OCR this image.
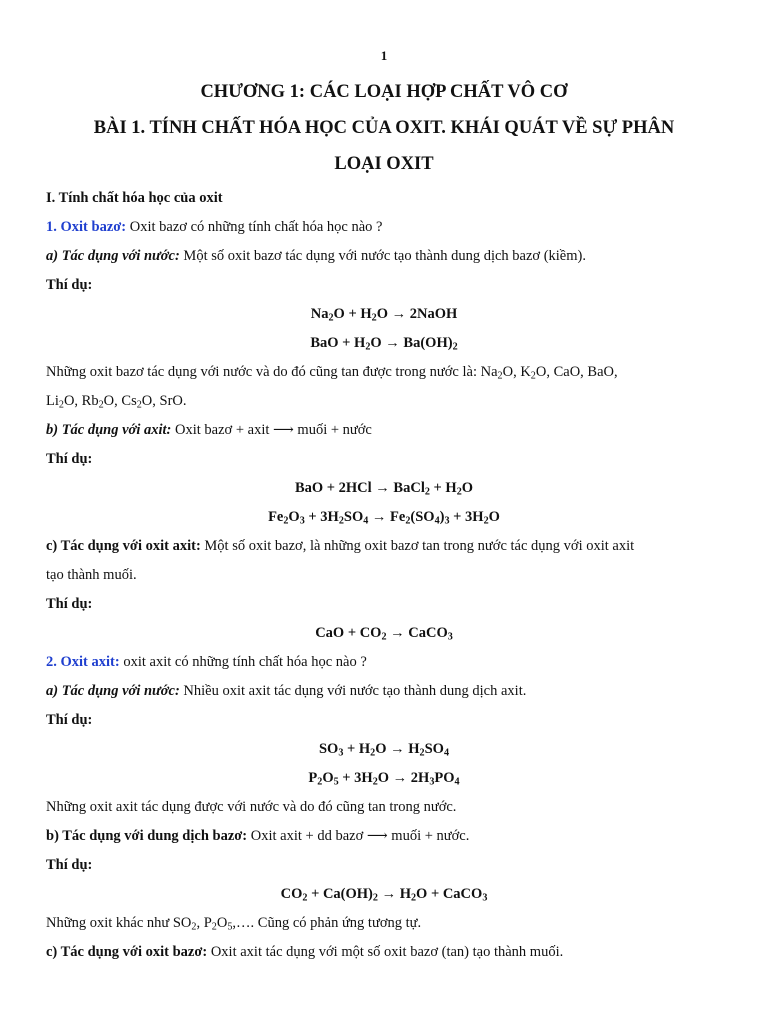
1
CHƯƠNG 1: CÁC LOẠI HỢP CHẤT VÔ CƠ
BÀI 1. TÍNH CHẤT HÓA HỌC CỦA OXIT. KHÁI QUÁT VỀ SỰ PHÂN
LOẠI OXIT
I. Tính chất hóa học của oxit
1. Oxit bazơ: Oxit bazơ có những tính chất hóa học nào ?
a) Tác dụng với nước: Một số oxit bazơ tác dụng với nước tạo thành dung dịch bazơ (kiềm).
Thí dụ:
$Na_2O + H_2O$ → 2NaOH
BaO + $H_2O \to Ba(OH)_2$
Những oxit bazơ tác dụng với nước và do đó cũng tan được trong nước là: $Na_2O$, $K_2O$, CaO, BaO,
$Li_2O$, $Rb_2O$, $Cs_2O$, SrO.
b) Tác dụng với axit: Oxit bazơ + axit ⟶ muối + nước
Thí dụ:
BaO + 2HCl → BaCl$_2$ + $H_2O$
$Fe_2O_3 + 3H_2SO_4 \to Fe_2(SO_4)_3 + 3H_2O$
c) Tác dụng với oxit axit: Một số oxit bazơ, là những oxit bazơ tan trong nước tác dụng với oxit axit
tạo thành muối.
Thí dụ:
CaO + $CO_2$ → CaCO$_3$
2. Oxit axit: oxit axit có những tính chất hóa học nào ?
a) Tác dụng với nước: Nhiều oxit axit tác dụng với nước tạo thành dung dịch axit.
Thí dụ:
$SO_3 + H_2O \to H_2SO_4$
$P_2O_5 + 3H_2O \to 2H_3PO_4$
Những oxit axit tác dụng được với nước và do đó cũng tan trong nước.
b) Tác dụng với dung dịch bazơ: Oxit axit + dd bazơ ⟶ muối + nước.
Thí dụ:
$CO_2 + Ca(OH)_2 \to H_2O$ + CaCO$_3$
Những oxit khác như $SO_2$, $P_2O_5,\dots$. Cũng có phản ứng tương tự.
c) Tác dụng với oxit bazơ: Oxit axit tác dụng với một số oxit bazơ (tan) tạo thành muối.
